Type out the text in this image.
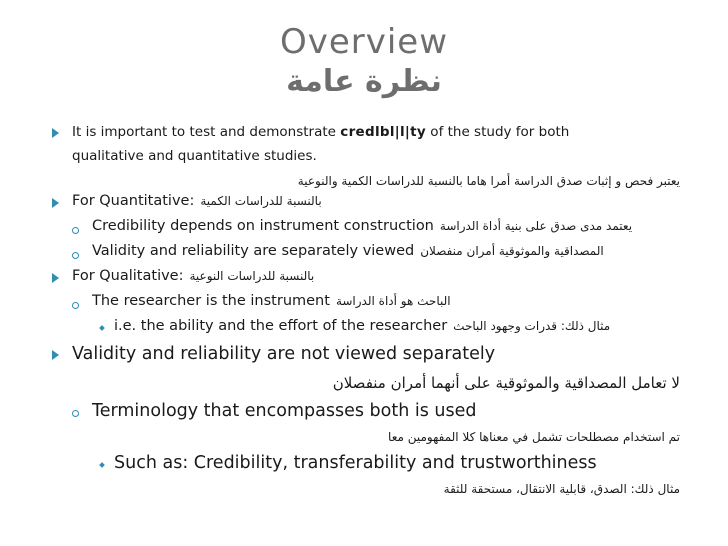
Overview
نظرة عامة
It is important to test and demonstrate credlbl|l|ty of the study for both
qualitative and quantitative studies.
يعتبر فحص و إثبات صدق الدراسة أمرا هاما بالنسبة للدراسات الكمية والنوعية
For Quantitative: بالنسبة للدراسات الكمية
Credibility depends on instrument construction يعتمد مدى صدق على بنية أداة الدراسة
Validity and reliability are separately viewed المصداقية والموثوقية أمران منفصلان
For Qualitative: بالنسبة للدراسات النوعية
The researcher is the instrument الباحث هو أداة الدراسة
i.e. the ability and the effort of the researcher مثال ذلك: قدرات وجهود الباحث
Validity and reliability are not viewed separately
لا تعامل المصداقية والموثوقية على أنهما أمران منفصلان
Terminology that encompasses both is used
تم استخدام مصطلحات تشمل في معناها كلا المفهومين معا
Such as: Credibility, transferability and trustworthiness
مثال ذلك: الصدق، قابلية الانتقال، مستحقة للثقة
